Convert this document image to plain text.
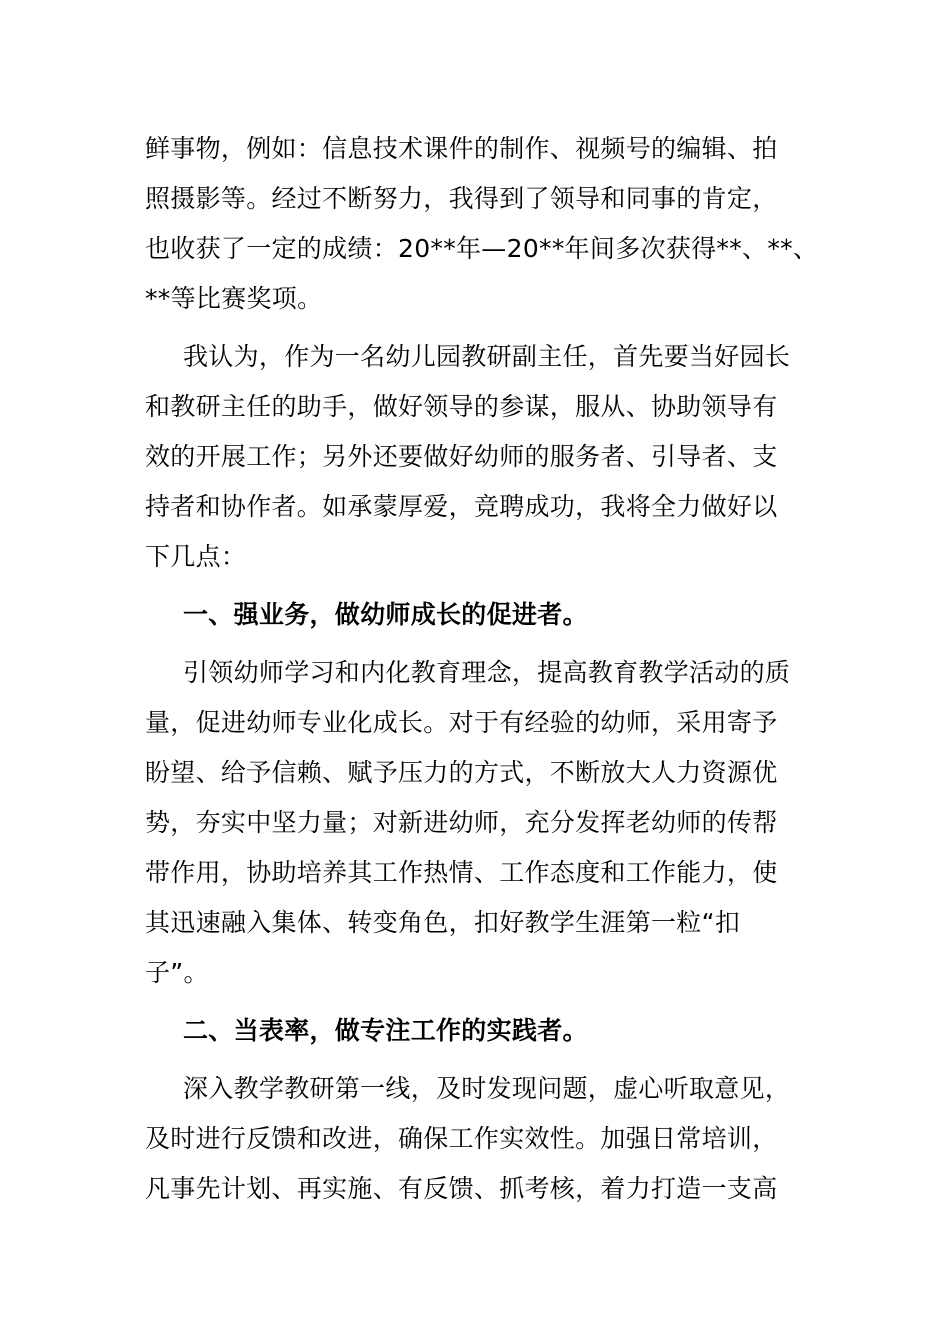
鲜事物，例如：信息技术课件的制作、视频号的编辑、拍
照摄影等。经过不断努力，我得到了领导和同事的肯定，
也收获了一定的成绩：20**年—20**年间多次获得**、**、
**等比赛奖项。
我认为，作为一名幼儿园教研副主任，首先要当好园长
和教研主任的助手，做好领导的参谋，服从、协助领导有
效的开展工作；另外还要做好幼师的服务者、引导者、支
持者和协作者。如承蒙厚爱，竞聘成功，我将全力做好以
下几点：
一、强业务，做幼师成长的促进者。
引领幼师学习和内化教育理念，提高教育教学活动的质
量，促进幼师专业化成长。对于有经验的幼师，采用寄予
盼望、给予信赖、赋予压力的方式，不断放大人力资源优
势，夯实中坚力量；对新进幼师，充分发挥老幼师的传帮
带作用，协助培养其工作热情、工作态度和工作能力，使
其迅速融入集体、转变角色，扣好教学生涯第一粒“扣
子”。
二、当表率，做专注工作的实践者。
深入教学教研第一线，及时发现问题，虚心听取意见，
及时进行反馈和改进，确保工作实效性。加强日常培训，
凡事先计划、再实施、有反馈、抓考核，着力打造一支高
